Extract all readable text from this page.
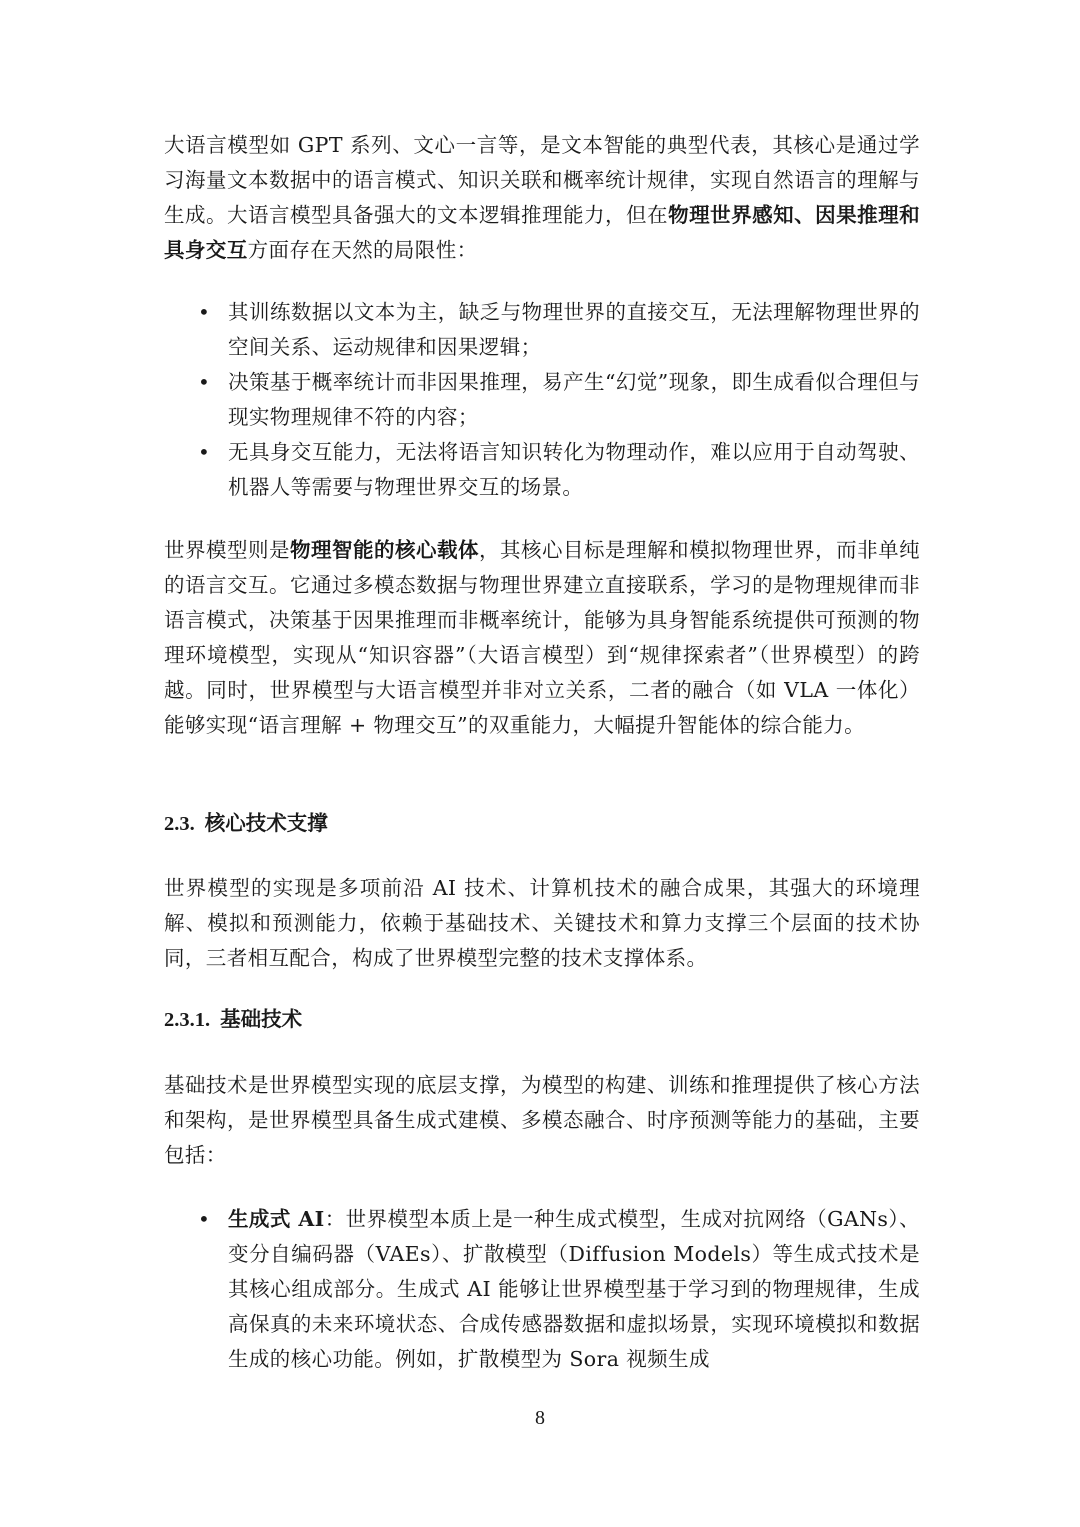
大语言模型如 GPT 系列、文心一言等，是文本智能的典型代表，其核心是通过学习海量文本数据中的语言模式、知识关联和概率统计规律，实现自然语言的理解与生成。大语言模型具备强大的文本逻辑推理能力，但在物理世界感知、因果推理和具身交互方面存在天然的局限性：

• 其训练数据以文本为主，缺乏与物理世界的直接交互，无法理解物理世界的空间关系、运动规律和因果逻辑；
• 决策基于概率统计而非因果推理，易产生“幻觉”现象，即生成看似合理但与现实物理规律不符的内容；
• 无具身交互能力，无法将语言知识转化为物理动作，难以应用于自动驾驶、机器人等需要与物理世界交互的场景。

世界模型则是物理智能的核心载体，其核心目标是理解和模拟物理世界，而非单纯的语言交互。它通过多模态数据与物理世界建立直接联系，学习的是物理规律而非语言模式，决策基于因果推理而非概率统计，能够为具身智能系统提供可预测的物理环境模型，实现从“知识容器”（大语言模型）到“规律探索者”（世界模型）的跨越。同时，世界模型与大语言模型并非对立关系，二者的融合（如 VLA 一体化）能够实现“语言理解 + 物理交互”的双重能力，大幅提升智能体的综合能力。

2.3. 核心技术支撑

世界模型的实现是多项前沿 AI 技术、计算机技术的融合成果，其强大的环境理解、模拟和预测能力，依赖于基础技术、关键技术和算力支撑三个层面的技术协同，三者相互配合，构成了世界模型完整的技术支撑体系。

2.3.1. 基础技术

基础技术是世界模型实现的底层支撑，为模型的构建、训练和推理提供了核心方法和架构，是世界模型具备生成式建模、多模态融合、时序预测等能力的基础，主要包括：

• 生成式 AI：世界模型本质上是一种生成式模型，生成对抗网络（GANs）、变分自编码器（VAEs）、扩散模型（Diffusion Models）等生成式技术是其核心组成部分。生成式 AI 能够让世界模型基于学习到的物理规律，生成高保真的未来环境状态、合成传感器数据和虚拟场景，实现环境模拟和数据生成的核心功能。例如，扩散模型为 Sora 视频生成
8
